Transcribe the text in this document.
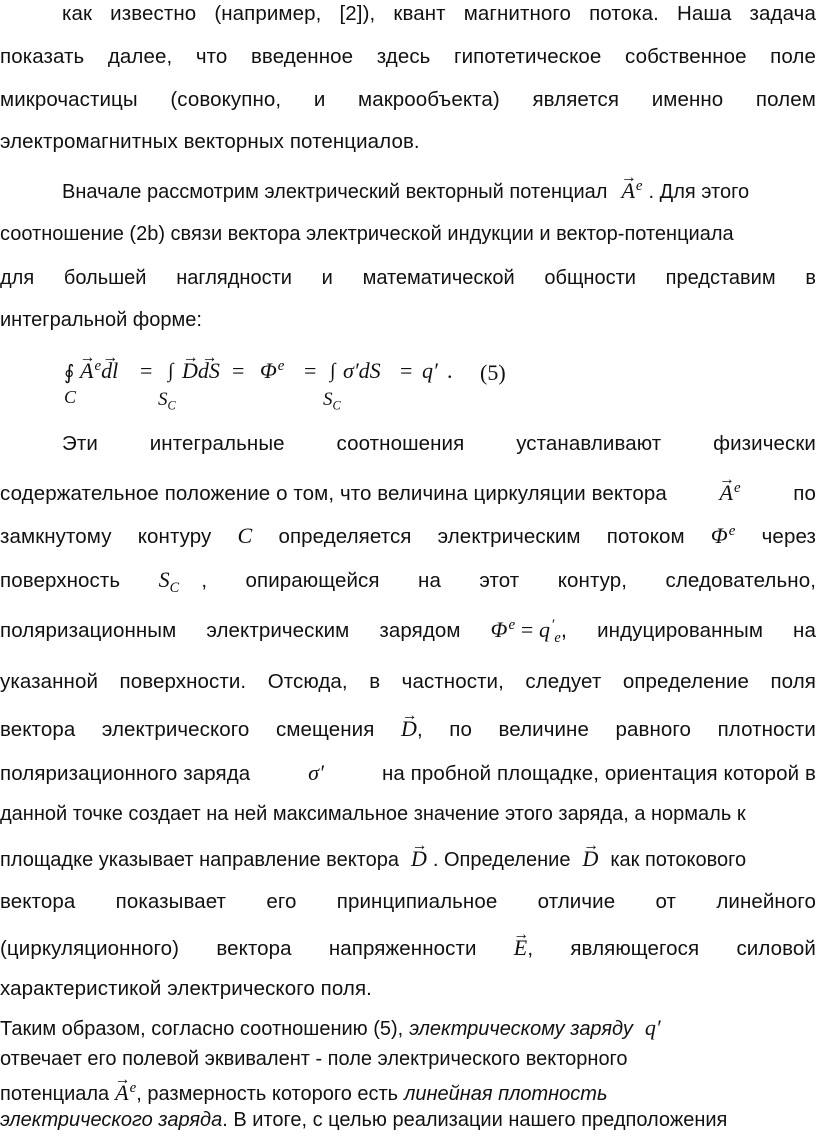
как известно (например, [2]), квант магнитного потока. Наша задача
показать далее, что введенное здесь гипотетическое собственное поле
микрочастицы (совокупно, и макрообъекта) является именно полем
электромагнитных векторных потенциалов.
Вначале рассмотрим электрический векторный потенциал → $A^e$ . Для этого
соотношение (2b) связи вектора электрической индукции и вектор-потенциала
для большей наглядности и математической общности представим в
интегральной форме:
∮ → $A^e\to$ dl = ∫ → D→ dS = $\Phi^e$ = ∫ σ′dS = q′ . (5)
C	$S_C$	$S_C$
Эти	интегральные	соотношения	устанавливают	физически
содержательное положение о том, что величина циркуляции вектора → $A^e$	по
замкнутому контуру C определяется электрическим потоком $\Phi^e$ через
поверхность $S_C$ , опирающейся на этот контур, следовательно,
поляризационным электрическим зарядом $\Phi^e = q'_e$, индуцированным на
указанной поверхности. Отсюда, в частности, следует определение поля
вектора электрического смещения → D, по величине равного плотности
поляризационного заряда	σ′	на пробной площадке, ориентация которой в
данной точке создает на ней максимальное значение этого заряда, а нормаль к
площадке указывает направление вектора → D . Определение → D как потокового
вектора показывает его принципиальное отличие от линейного
(циркуляционного) вектора напряженности → E, являющегося силовой
характеристикой электрического поля.
Таким образом, согласно соотношению (5), электрическому заряду q′
отвечает его полевой эквивалент - поле электрического векторного
потенциала → $A^e$ , размерность которого есть линейная плотность
электрического заряда . В итоге, с целью реализации нашего предположения
